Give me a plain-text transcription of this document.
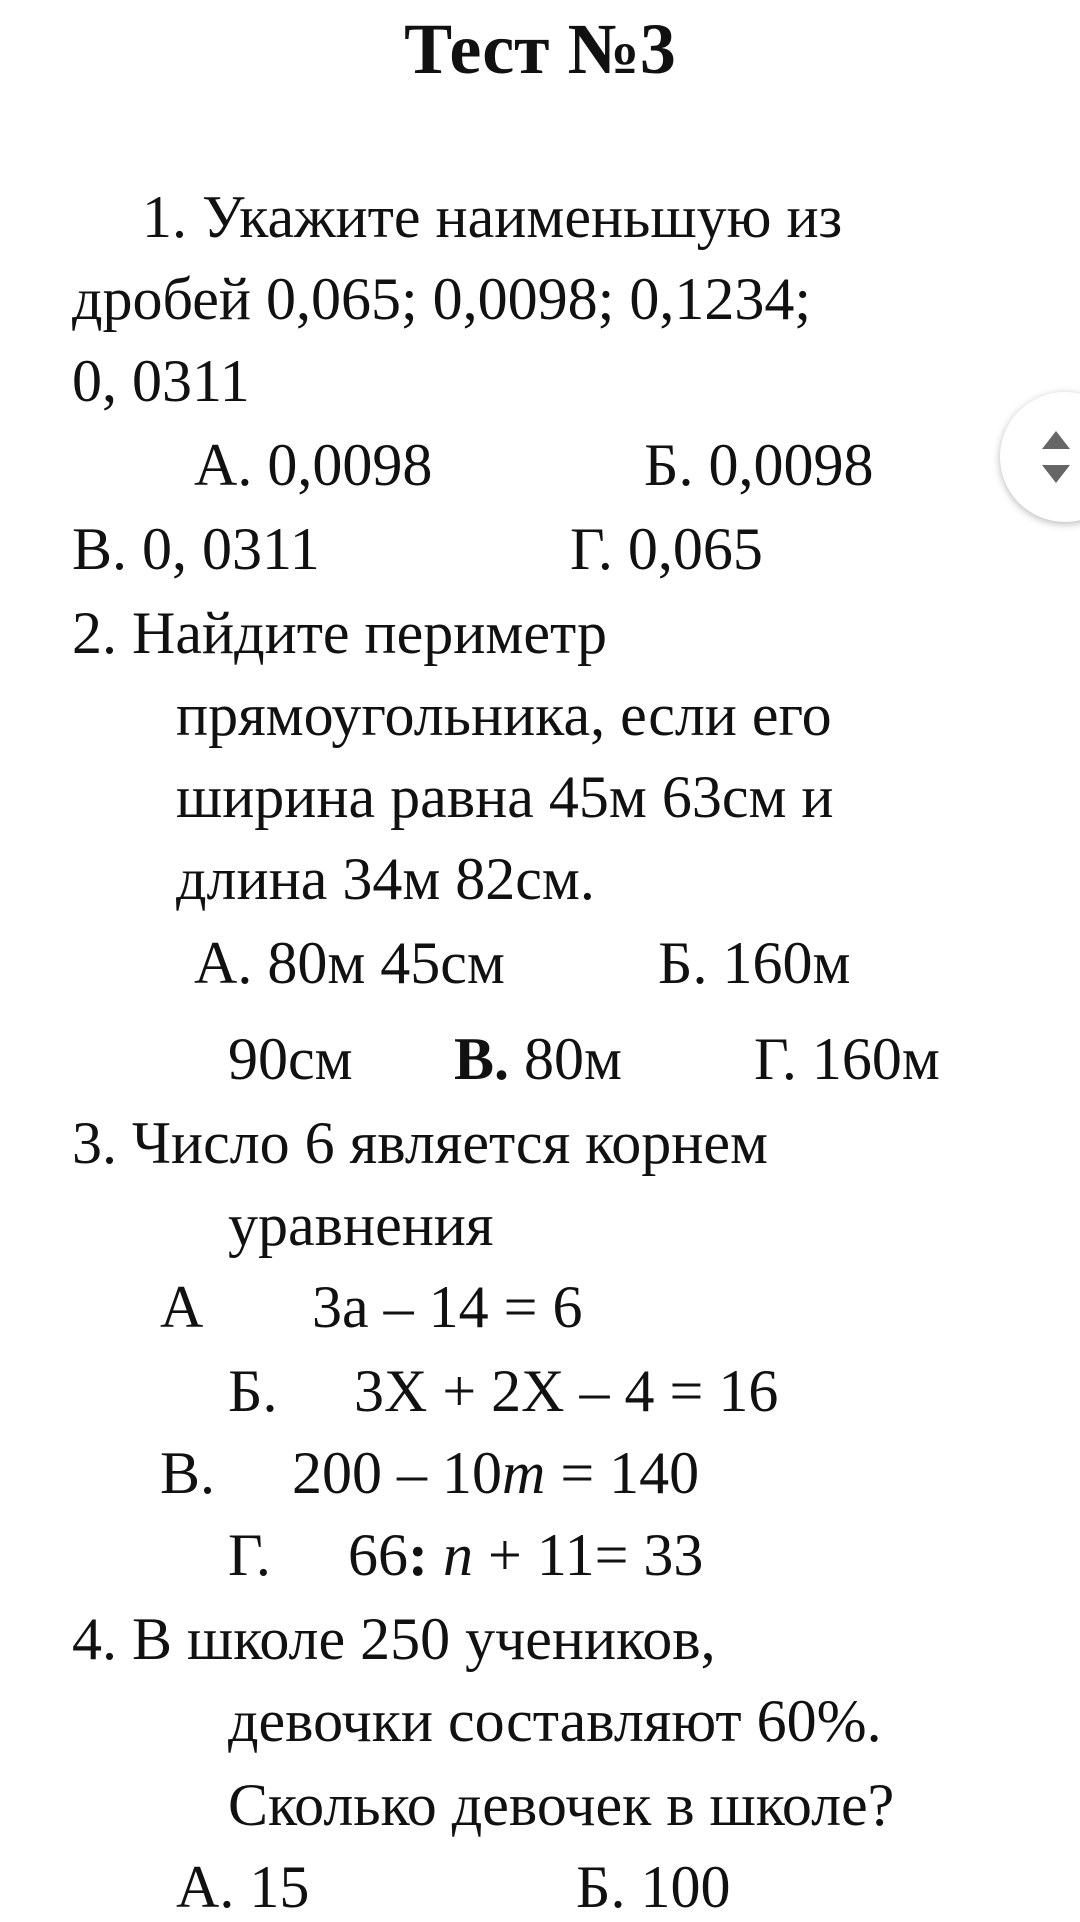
Тест №3

1. Укажите наименьшую из

дробей 0,065; 0,0098; 0,1234;

0, 0311

А. 0,0098	Б. 0,0098

В. 0, 0311	Г. 0,065

2. Найдите периметр

прямоугольника, если его

ширина равна 45м 63см и

длина 34м 82см.

А. 80м 45см	Б. 160м

90см В. 80м Г. 160м

3. Число 6 является корнем

уравнения

А 3а – 14 = 6

Б. 3Х + 2Х – 4 = 16

В. 200 – 10т = 140

Г. 66: п + 11= 33

4. В школе 250 учеников,

девочки составляют 60%.

Сколько девочек в школе?

А. 15	Б. 100
